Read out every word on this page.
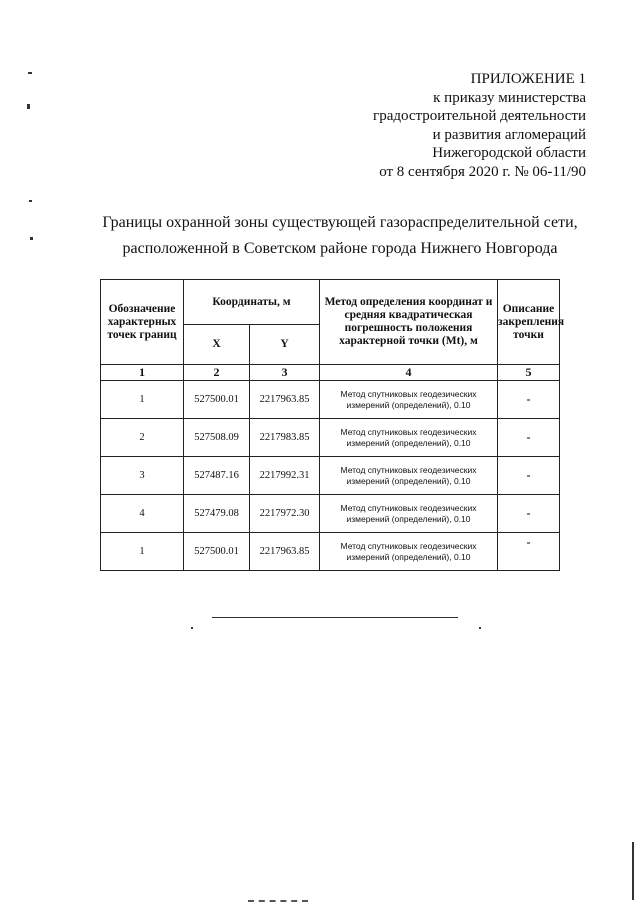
ПРИЛОЖЕНИЕ 1
к приказу министерства
градостроительной деятельности
и развития агломераций
Нижегородской области
от 8 сентября 2020 г. № 06-11/90
Границы охранной зоны существующей газораспределительной сети,
расположенной в Советском районе города Нижнего Новгорода
Обозначение характерных точек границ	Координаты, м		Метод определения координат и средняя квадратическая погрешность положения характерной точки (Mt), м	Описание закрепления точки
	X	Y		
1	2	3	4	5
1	527500.01	2217963.85	Метод спутниковых геодезических измерений (определений), 0.10	-
2	527508.09	2217983.85	Метод спутниковых геодезических измерений (определений), 0.10	-
3	527487.16	2217992.31	Метод спутниковых геодезических измерений (определений), 0.10	-
4	527479.08	2217972.30	Метод спутниковых геодезических измерений (определений), 0.10	-
1	527500.01	2217963.85	Метод спутниковых геодезических измерений (определений), 0.10	-
